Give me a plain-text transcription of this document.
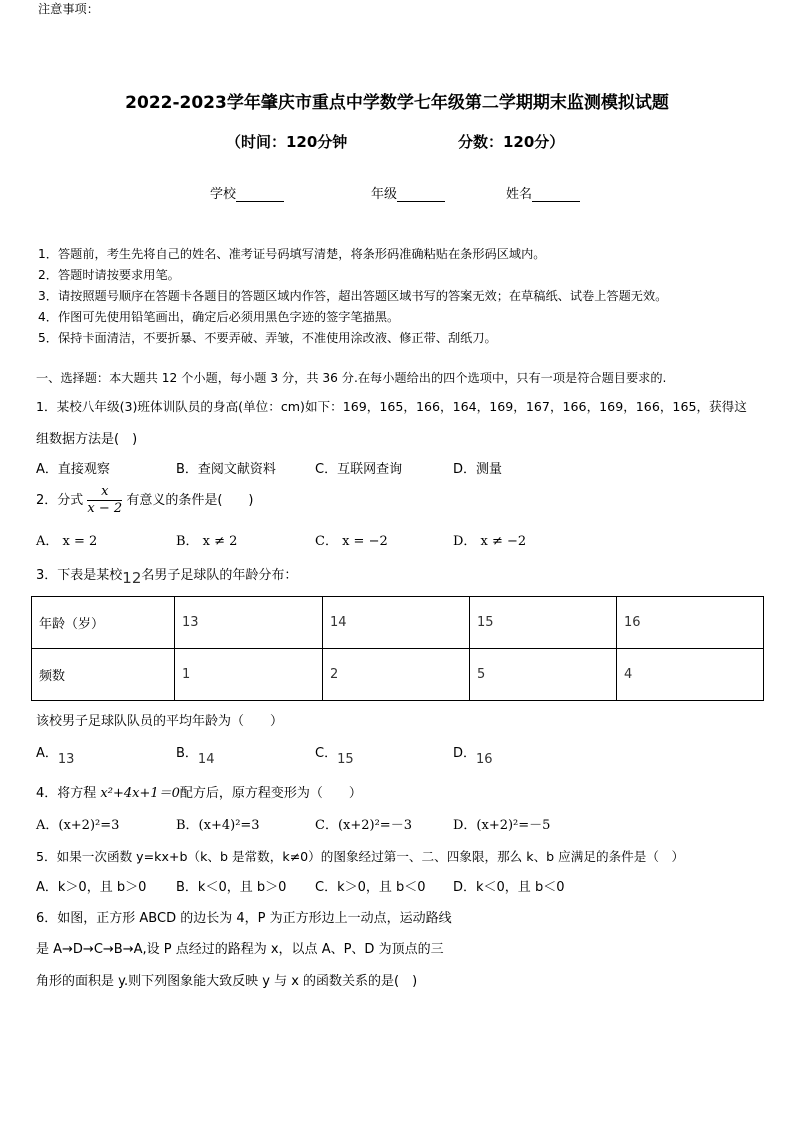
2022-2023学年肇庆市重点中学数学七年级第二学期期末监测模拟试题
（时间：120分钟	分数：120分）
学校	年级	姓名
注意事项：
1．答题前，考生先将自己的姓名、准考证号码填写清楚，将条形码准确粘贴在条形码区域内。
2．答题时请按要求用笔。
3．请按照题号顺序在答题卡各题目的答题区域内作答，超出答题区域书写的答案无效；在草稿纸、试卷上答题无效。
4．作图可先使用铅笔画出，确定后必须用黑色字迹的签字笔描黑。
5．保持卡面清洁，不要折暴、不要弄破、弄皱，不准使用涂改液、修正带、刮纸刀。
一、选择题：本大题共 12 个小题，每小题 3 分，共 36 分.在每小题给出的四个选项中，只有一项是符合题目要求的.
1．某校八年级(3)班体训队员的身高(单位：cm)如下：169，165，166，164，169，167，166，169，166，165，获得这
组数据方法是(　)
A．直接观察	B．查阅文献资料	C．互联网查询	D．测量
2．分式 $\frac{x}{x - 2}$ 有意义的条件是(　　)
A． x = 2	B． x ≠ 2	C． x = −2	D． x ≠ −2
3．下表是某校12名男子足球队的年龄分布：
年龄（岁）	13	14	15	16
频数	1	2	5	4
该校男子足球队队员的平均年龄为（　　）
A．13	B．14	C．15	D．16
4．将方程 x²+4x+1＝0配方后，原方程变形为（　　）
A．(x+2)²=3	B．(x+4)²=3	C．(x+2)²=－3	D．(x+2)²=－5
5．如果一次函数 y=kx+b（k、b 是常数，k≠0）的图象经过第一、二、四象限，那么 k、b 应满足的条件是（　）
A．k＞0，且 b＞0 B．k＜0，且 b＞0 C．k＞0，且 b＜0 D．k＜0，且 b＜0
6．如图，正方形 ABCD 的边长为 4，P 为正方形边上一动点，运动路线
是 A→D→C→B→A,设 P 点经过的路程为 x，以点 A、P、D 为顶点的三
角形的面积是 y.则下列图象能大致反映 y 与 x 的函数关系的是(　)
